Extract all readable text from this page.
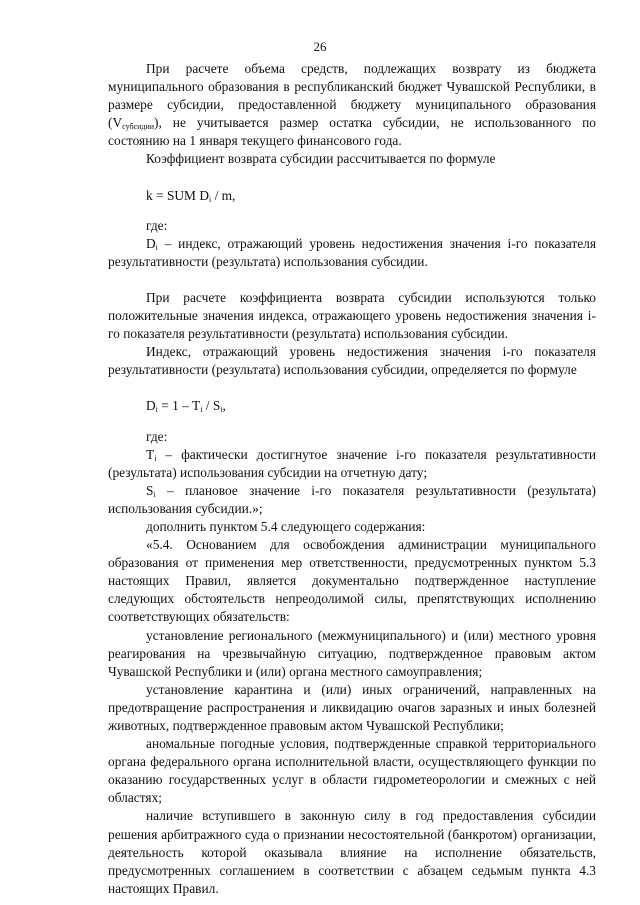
26

При расчете объема средств, подлежащих возврату из бюджета муниципального образования в республиканский бюджет Чувашской Республики, в размере субсидии, предоставленной бюджету муниципального образования $(V_{субсидии})$, не учитывается размер остатка субсидии, не использованного по состоянию на 1 января текущего финансового года.

Коэффициент возврата субсидии рассчитывается по формуле

k = SUM $D_i$ / m,

где:

$D_i$ – индекс, отражающий уровень недостижения значения i-го показателя результативности (результата) использования субсидии.

При расчете коэффициента возврата субсидии используются только положительные значения индекса, отражающего уровень недостижения значения i-го показателя результативности (результата) использования субсидии.

Индекс, отражающий уровень недостижения значения i-го показателя результативности (результата) использования субсидии, определяется по формуле

$D_i = 1 - T_i / S_i$,

где:

$T_i$ – фактически достигнутое значение i-го показателя результативности (результата) использования субсидии на отчетную дату;

$S_i$ – плановое значение i-го показателя результативности (результата) использования субсидии.»;

дополнить пунктом 5.4 следующего содержания:

«5.4. Основанием для освобождения администрации муниципального образования от применения мер ответственности, предусмотренных пунктом 5.3 настоящих Правил, является документально подтвержденное наступление следующих обстоятельств непреодолимой силы, препятствующих исполнению соответствующих обязательств:

установление регионального (межмуниципального) и (или) местного уровня реагирования на чрезвычайную ситуацию, подтвержденное правовым актом Чувашской Республики и (или) органа местного самоуправления;

установление карантина и (или) иных ограничений, направленных на предотвращение распространения и ликвидацию очагов заразных и иных болезней животных, подтвержденное правовым актом Чувашской Республики;

аномальные погодные условия, подтвержденные справкой территориального органа федерального органа исполнительной власти, осуществляющего функции по оказанию государственных услуг в области гидрометеорологии и смежных с ней областях;

наличие вступившего в законную силу в год предоставления субсидии решения арбитражного суда о признании несостоятельной (банкротом) организации, деятельность которой оказывала влияние на исполнение обязательств, предусмотренных соглашением в соответствии с абзацем седьмым пункта 4.3 настоящих Правил.
